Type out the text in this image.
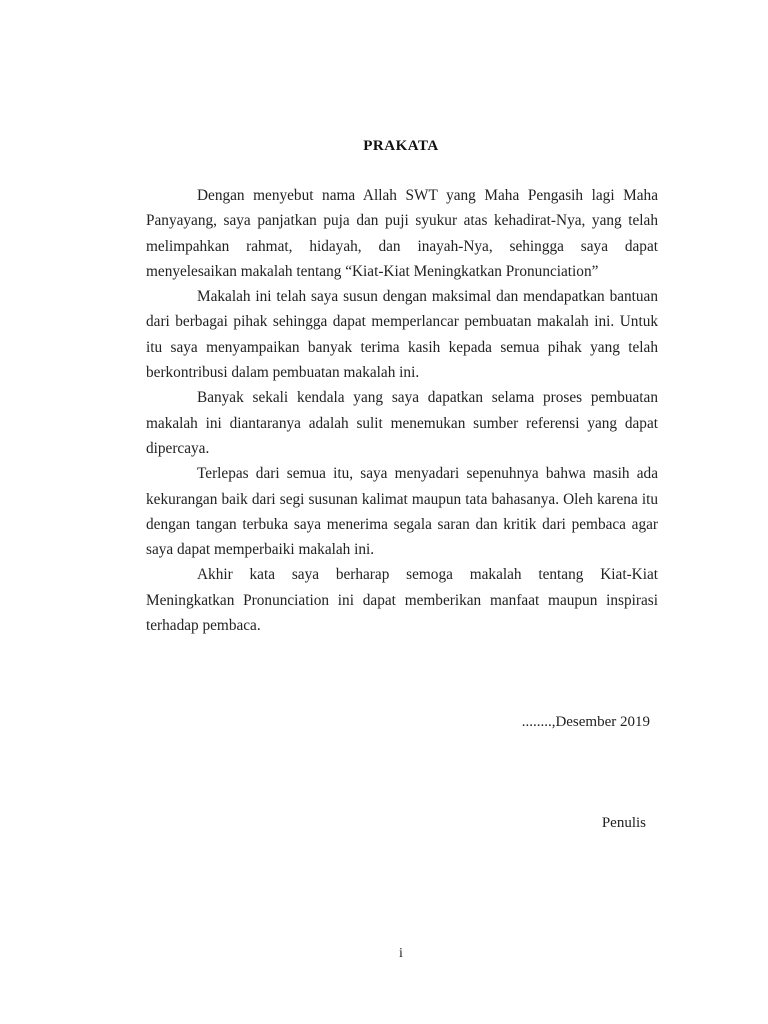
PRAKATA

Dengan menyebut nama Allah SWT yang Maha Pengasih lagi Maha Panyayang, saya panjatkan puja dan puji syukur atas kehadirat-Nya, yang telah melimpahkan rahmat, hidayah, dan inayah-Nya, sehingga saya dapat menyelesaikan makalah tentang “Kiat-Kiat Meningkatkan Pronunciation”

Makalah ini telah saya susun dengan maksimal dan mendapatkan bantuan dari berbagai pihak sehingga dapat memperlancar pembuatan makalah ini. Untuk itu saya menyampaikan banyak terima kasih kepada semua pihak yang telah berkontribusi dalam pembuatan makalah ini.

Banyak sekali kendala yang saya dapatkan selama proses pembuatan makalah ini diantaranya adalah sulit menemukan sumber referensi yang dapat dipercaya.

Terlepas dari semua itu, saya menyadari sepenuhnya bahwa masih ada kekurangan baik dari segi susunan kalimat maupun tata bahasanya. Oleh karena itu dengan tangan terbuka saya menerima segala saran dan kritik dari pembaca agar saya dapat memperbaiki makalah ini.

Akhir kata saya berharap semoga makalah tentang Kiat-Kiat Meningkatkan Pronunciation ini dapat memberikan manfaat maupun inspirasi terhadap pembaca.

........,Desember 2019
Penulis
i
